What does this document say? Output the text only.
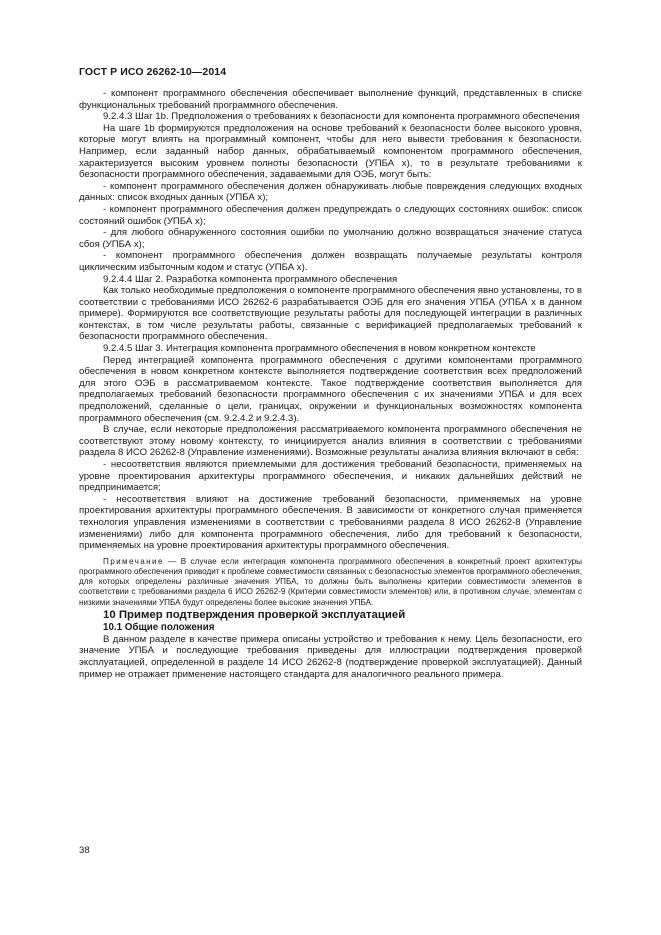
ГОСТ Р ИСО 26262-10—2014

- компонент программного обеспечения обеспечивает выполнение функций, представленных в списке функциональных требований программного обеспечения.

9.2.4.3 Шаг 1b. Предположения о требованиях к безопасности для компонента программного обеспечения

На шаге 1b формируются предположения на основе требований к безопасности более высокого уровня, которые могут влиять на программный компонент, чтобы для него вывести требования к безопасности. Например, если заданный набор данных, обрабатываемый компонентом программного обеспечения, характеризуется высоким уровнем полноты безопасности (УПБА x), то в результате требованиями к безопасности программного обеспечения, задаваемыми для ОЭБ, могут быть:

- компонент программного обеспечения должен обнаруживать любые повреждения следующих входных данных: список входных данных (УПБА x);

- компонент программного обеспечения должен предупреждать о следующих состояниях ошибок: список состояний ошибок (УПБА x);

- для любого обнаруженного состояния ошибки по умолчанию должно возвращаться значение статуса сбоя (УПБА x);

- компонент программного обеспечения должен возвращать получаемые результаты контроля циклическим избыточным кодом и статус (УПБА x).

9.2.4.4 Шаг 2. Разработка компонента программного обеспечения

Как только необходимые предположения о компоненте программного обеспечения явно установлены, то в соответствии с требованиями ИСО 26262-6 разрабатывается ОЭБ для его значения УПБА (УПБА x в данном примере). Формируются все соответствующие результаты работы для последующей интеграции в различных контекстах, в том числе результаты работы, связанные с верификацией предполагаемых требований к безопасности программного обеспечения.

9.2.4.5 Шаг 3. Интеграция компонента программного обеспечения в новом конкретном контексте

Перед интеграцией компонента программного обеспечения с другими компонентами программного обеспечения в новом конкретном контексте выполняется подтверждение соответствия всех предположений для этого ОЭБ в рассматриваемом контексте. Такое подтверждение соответствия выполняется для предполагаемых требований безопасности программного обеспечения с их значениями УПБА и для всех предположений, сделанные о цели, границах, окружении и функциональных возможностях компонента программного обеспечения (см. 9.2.4.2 и 9.2.4.3).

В случае, если некоторые предположения рассматриваемого компонента программного обеспечения не соответствуют этому новому контексту, то инициируется анализ влияния в соответствии с требованиями раздела 8 ИСО 26262-8 (Управление изменениями). Возможные результаты анализа влияния включают в себя:

- несоответствия являются приемлемыми для достижения требований безопасности, применяемых на уровне проектирования архитектуры программного обеспечения, и никаких дальнейших действий не предпринимается;

- несоответствия влияют на достижение требований безопасности, применяемых на уровне проектирования архитектуры программного обеспечения. В зависимости от конкретного случая применяется технология управления изменениями в соответствии с требованиями раздела 8 ИСО 26262-8 (Управление изменениями) либо для компонента программного обеспечения, либо для требований к безопасности, применяемых на уровне проектирования архитектуры программного обеспечения.

Примечание — В случае если интеграция компонента программного обеспечения в конкретный проект архитектуры программного обеспечения приводит к проблеме совместимости связанных с безопасностью элементов программного обеспечения, для которых определены различные значения УПБА, то должны быть выполнены критерии совместимости элементов в соответствии с требованиями раздела 6 ИСО 26262-9 (Критерии совместимости элементов) или, в противном случае, элементам с низкими значениями УПБА будут определены более высокие значения УПБА.

10 Пример подтверждения проверкой эксплуатацией

10.1 Общие положения

В данном разделе в качестве примера описаны устройство и требования к нему. Цель безопасности, его значение УПБА и последующие требования приведены для иллюстрации подтверждения проверкой эксплуатацией, определенной в разделе 14 ИСО 26262-8 (подтверждение проверкой эксплуатацией). Данный пример не отражает применение настоящего стандарта для аналогичного реального примера.

38
